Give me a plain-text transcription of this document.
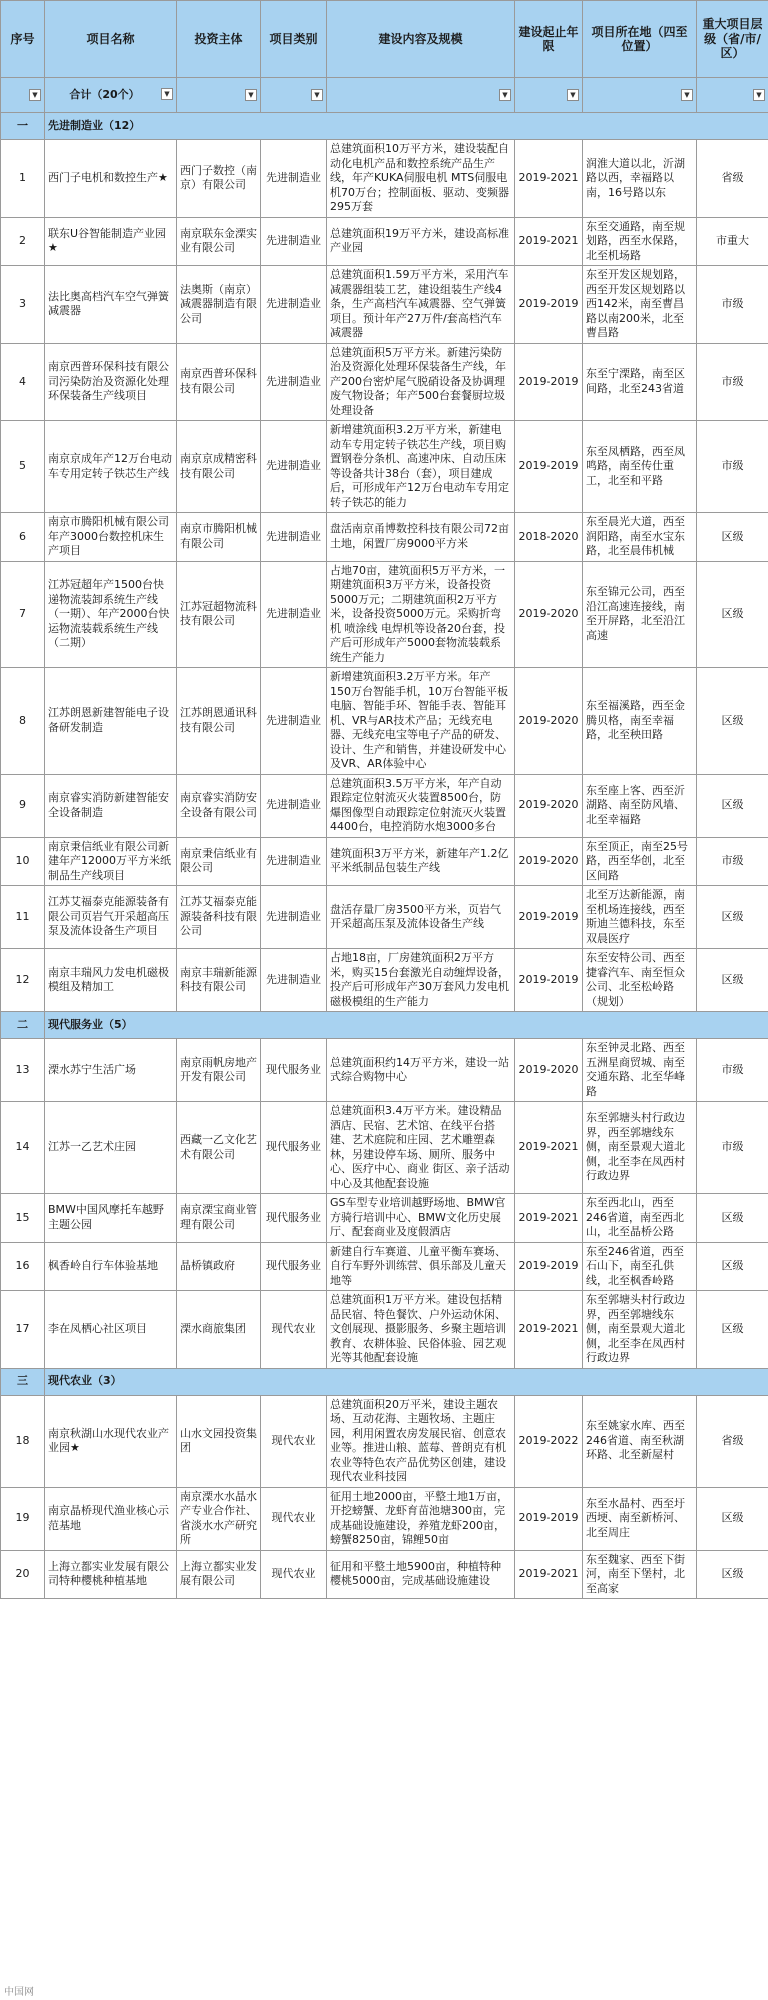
序号	项目名称	投资主体	项目类别	建设内容及规模	建设起止年限	项目所在地（四至位置）	重大项目层级（省/市/区）

▼	合计（20个） ▼	▼	▼	▼	▼	▼	▼

一	先进制造业（12）						
1	西门子电机和数控生产★	西门子数控（南京）有限公司	先进制造业	总建筑面积10万平方米，建设装配自动化电机产品和数控系统产品生产线，年产KUKA伺服电机 MTS伺服电机70万台；控制面板、驱动、变频器295万套	2019-2021	润淮大道以北，沂湖路以西，幸福路以南，16号路以东	省级
2	联东U谷智能制造产业园★	南京联东金溧实业有限公司	先进制造业	总建筑面积19万平方米，建设高标准产业园	2019-2021	东至交通路，南至规划路，西至水保路，北至机场路	市重大
3	法比奥高档汽车空气弹簧减震器	法奥斯（南京）减震器制造有限公司	先进制造业	总建筑面积1.59万平方米，采用汽车减震器组装工艺，建设组装生产线4条，生产高档汽车减震器、空气弹簧项目。预计年产27万件/套高档汽车减震器	2019-2019	东至开发区规划路，西至开发区规划路以西142米，南至曹昌路以南200米，北至曹昌路	市级
4	南京西普环保科技有限公司污染防治及资源化处理环保装备生产线项目	南京西普环保科技有限公司	先进制造业	总建筑面积5万平方米。新建污染防治及资源化处理环保装备生产线，年产200台密炉尾气脱硝设备及协调理废气物设备；年产500台套餐厨垃圾处理设备	2019-2019	东至宁溧路，南至区间路，北至243省道	市级
5	南京京成年产12万台电动车专用定转子铁芯生产线	南京京成精密科技有限公司	先进制造业	新增建筑面积3.2万平方米，新建电动车专用定转子铁芯生产线，项目购置钢卷分条机、高速冲床、自动压床等设备共计38台（套），项目建成后，可形成年产12万台电动车专用定转子铁芯的能力	2019-2019	东至凤栖路，西至凤鸣路，南至传仕重工，北至和平路	市级
6	南京市腾阳机械有限公司年产3000台数控机床生产项目	南京市腾阳机械有限公司	先进制造业	盘活南京甬博数控科技有限公司72亩土地，闲置厂房9000平方米	2018-2020	东至晨光大道，西至润阳路，南至水宝东路，北至晨伟机械	区级
7	江苏冠超年产1500台快递物流装卸系统生产线（一期）、年产2000台快运物流装载系统生产线（二期）	江苏冠超物流科技有限公司	先进制造业	占地70亩，建筑面积5万平方米，一期建筑面积3万平方米，设备投资5000万元；二期建筑面积2万平方米，设备投资5000万元。采购折弯机 喷涂线 电焊机等设备20台套，投产后可形成年产5000套物流装载系统生产能力	2019-2020	东至锦元公司，西至沿江高速连接线，南至开屏路，北至沿江高速	区级
8	江苏朗恩新建智能电子设备研发制造	江苏朗恩通讯科技有限公司	先进制造业	新增建筑面积3.2万平方米。年产150万台智能手机，10万台智能平板电脑、智能手环、智能手表、智能耳机、VR与AR技术产品；无线充电器、无线充电宝等电子产品的研发、设计、生产和销售，并建设研发中心及VR、AR体验中心	2019-2020	东至福溪路，西至金腾贝格，南至幸福路，北至秧田路	区级
9	南京睿实消防新建智能安全设备制造	南京睿实消防安全设备有限公司	先进制造业	总建筑面积3.5万平方米，年产自动跟踪定位射流灭火装置8500台，防爆图像型自动跟踪定位射流灭火装置4400台，电控消防水炮3000多台	2019-2020	东至座上客、西至沂湖路、南至防风墙、北至幸福路	区级
10	南京秉信纸业有限公司新建年产12000万平方米纸制品生产线项目	南京秉信纸业有限公司	先进制造业	建筑面积3万平方米，新建年产1.2亿平米纸制品包装生产线	2019-2020	东至顶正，南至25号路，西至华创，北至区间路	市级
11	江苏艾福泰克能源装备有限公司页岩气开采超高压泵及流体设备生产项目	江苏艾福泰克能源装备科技有限公司	先进制造业	盘活存量厂房3500平方米，页岩气开采超高压泵及流体设备生产线	2019-2019	北至万达新能源，南至机场连接线，西至斯迪兰德科技，东至双晨医疗	区级
12	南京丰瑞风力发电机磁极模组及精加工	南京丰瑞新能源科技有限公司	先进制造业	占地18亩，厂房建筑面积2万平方米，购买15台套激光自动缠焊设备，投产后可形成年产30万套风力发电机磁极模组的生产能力	2019-2019	东至安特公司、西至捷睿汽车、南至恒众公司、北至松岭路（规划）	区级
二	现代服务业（5）						
13	溧水苏宁生活广场	南京雨帆房地产开发有限公司	现代服务业	总建筑面积约14万平方米，建设一站式综合购物中心	2019-2020	东至钟灵北路、西至五洲星商贸城、南至交通东路、北至华峰路	市级
14	江苏一乙艺术庄园	西藏一乙文化艺术有限公司	现代服务业	总建筑面积3.4万平方米。建设精品酒店、民宿、艺术馆、在线平台搭建、艺术庭院和庄园、艺术雕塑森林，另建设停车场、厕所、服务中心、医疗中心、商业 街区、亲子活动中心及其他配套设施	2019-2021	东至郭塘头村行政边界，西至郭塘线东侧，南至景观大道北侧，北至李在凤西村行政边界	市级
15	BMW中国风摩托车越野主题公园	南京溧宝商业管理有限公司	现代服务业	GS车型专业培训越野场地、BMW官方骑行培训中心、BMW文化历史展厅、配套商业及度假酒店	2019-2021	东至西北山，西至246省道，南至西北山，北至晶桥公路	区级
16	枫香岭自行车体验基地	晶桥镇政府	现代服务业	新建自行车赛道、儿童平衡车赛场、自行车野外训练营、俱乐部及儿童天地等	2019-2019	东至246省道，西至石山下，南至孔供线，北至枫香岭路	区级
17	李在凤栖心社区项目	溧水商旅集团	现代农业	总建筑面积1万平方米。建设包括精品民宿、特色餐饮、户外运动休闲、文创展现、摄影服务、乡聚主题培训教育、农耕体验、民俗体验、园艺观光等其他配套设施	2019-2021	东至郭塘头村行政边界，西至郭塘线东侧，南至景观大道北侧，北至李在凤西村行政边界	区级
三	现代农业（3）						
18	南京秋湖山水现代农业产业园★	山水文园投资集团	现代农业	总建筑面积20万平米，建设主题农场、互动花海、主题牧场、主题庄园，利用闲置农房发展民宿、创意农业等。推进山粮、蓝莓、普朗克有机农业等特色农产品优势区创建，建设现代农业科技园	2019-2022	东至姚家水库、西至246省道、南至秋湖环路、北至新屋村	省级
19	南京晶桥现代渔业核心示范基地	南京溧水水晶水产专业合作社、省淡水水产研究所	现代农业	征用土地2000亩，平整土地1万亩，开挖螃蟹、龙虾育苗池塘300亩，完成基础设施建设，养殖龙虾200亩，螃蟹8250亩，锦鲤50亩	2019-2019	东至水晶村、西至圩西埂、南至新桥河、北至周庄	区级
20	上海立都实业发展有限公司特种樱桃种植基地	上海立都实业发展有限公司	现代农业	征用和平整土地5900亩，种植特种樱桃5000亩，完成基础设施建设	2019-2021	东至魏家、西至下街河，南至下堡村，北至高家	区级
中国网
